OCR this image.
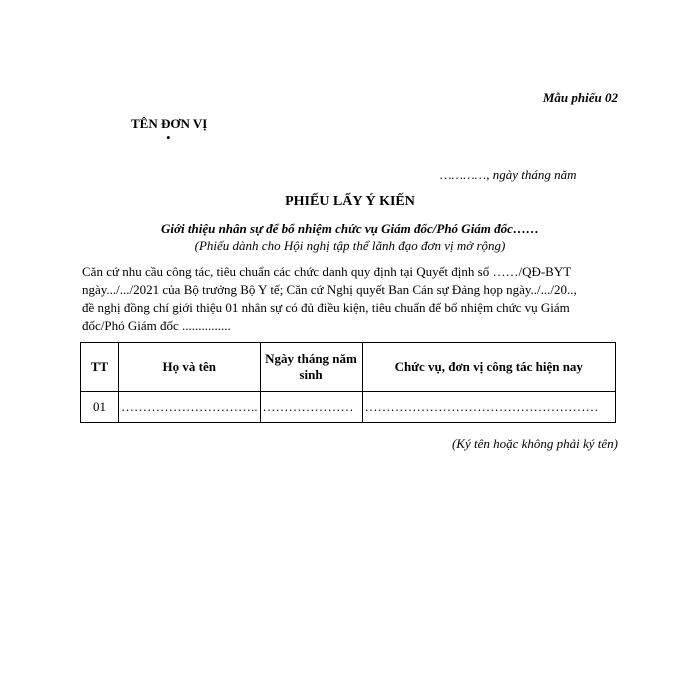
Mẫu phiếu 02
TÊN ĐƠN VỊ
•
…………, ngày tháng năm
PHIẾU LẤY Ý KIẾN
Giới thiệu nhân sự để bổ nhiệm chức vụ Giám đốc/Phó Giám đốc……
(Phiếu dành cho Hội nghị tập thể lãnh đạo đơn vị mở rộng)
Căn cứ nhu cầu công tác, tiêu chuẩn các chức danh quy định tại Quyết định số ……/QĐ-BYT
ngày.../.../2021 của Bộ trưởng Bộ Y tế; Căn cứ Nghị quyết Ban Cán sự Đảng họp ngày../.../20..,
đề nghị đồng chí giới thiệu 01 nhân sự có đủ điều kiện, tiêu chuẩn để bổ nhiệm chức vụ Giám
đốc/Phó Giám đốc ...............
TT	Họ và tên	Ngày tháng năm sinh	Chức vụ, đơn vị công tác hiện nay
01	…………………………..	…………………	………………………………………………
(Ký tên hoặc không phải ký tên)
